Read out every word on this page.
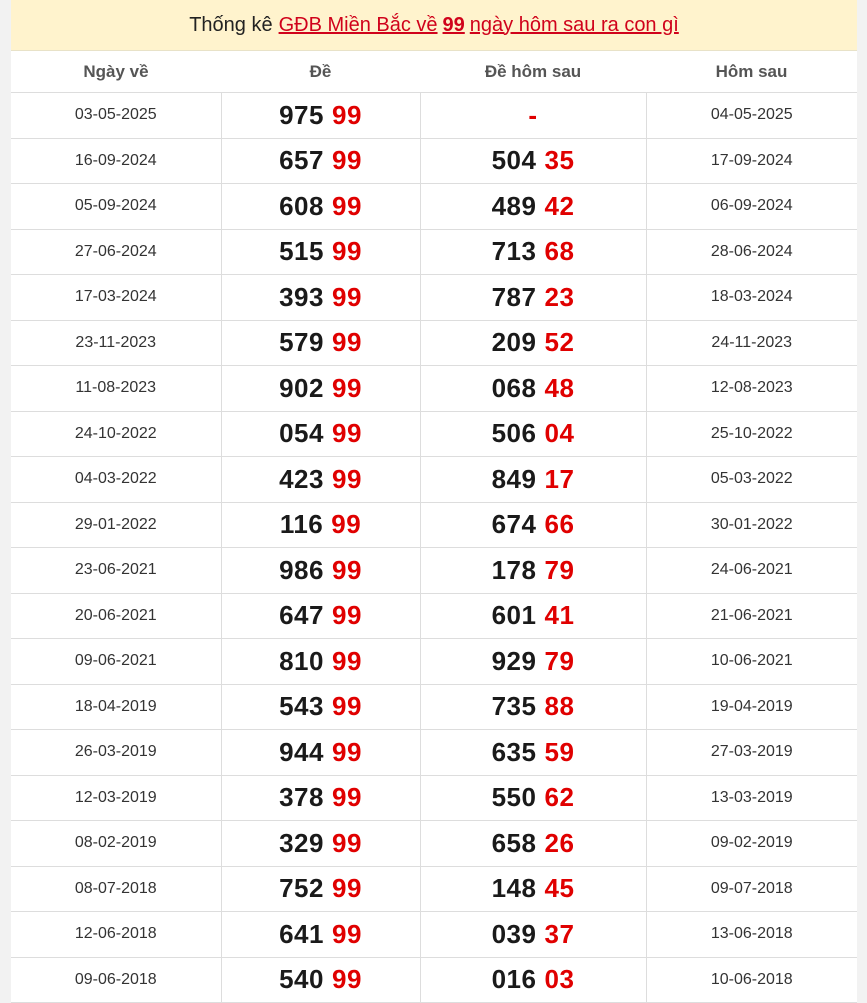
Thống kê GĐB Miền Bắc về 99 ngày hôm sau ra con gì
Ngày về	Đề	Đề hôm sau	Hôm sau
03-05-2025	975 99	-	04-05-2025
16-09-2024	657 99	504 35	17-09-2024
05-09-2024	608 99	489 42	06-09-2024
27-06-2024	515 99	713 68	28-06-2024
17-03-2024	393 99	787 23	18-03-2024
23-11-2023	579 99	209 52	24-11-2023
11-08-2023	902 99	068 48	12-08-2023
24-10-2022	054 99	506 04	25-10-2022
04-03-2022	423 99	849 17	05-03-2022
29-01-2022	116 99	674 66	30-01-2022
23-06-2021	986 99	178 79	24-06-2021
20-06-2021	647 99	601 41	21-06-2021
09-06-2021	810 99	929 79	10-06-2021
18-04-2019	543 99	735 88	19-04-2019
26-03-2019	944 99	635 59	27-03-2019
12-03-2019	378 99	550 62	13-03-2019
08-02-2019	329 99	658 26	09-02-2019
08-07-2018	752 99	148 45	09-07-2018
12-06-2018	641 99	039 37	13-06-2018
09-06-2018	540 99	016 03	10-06-2018
